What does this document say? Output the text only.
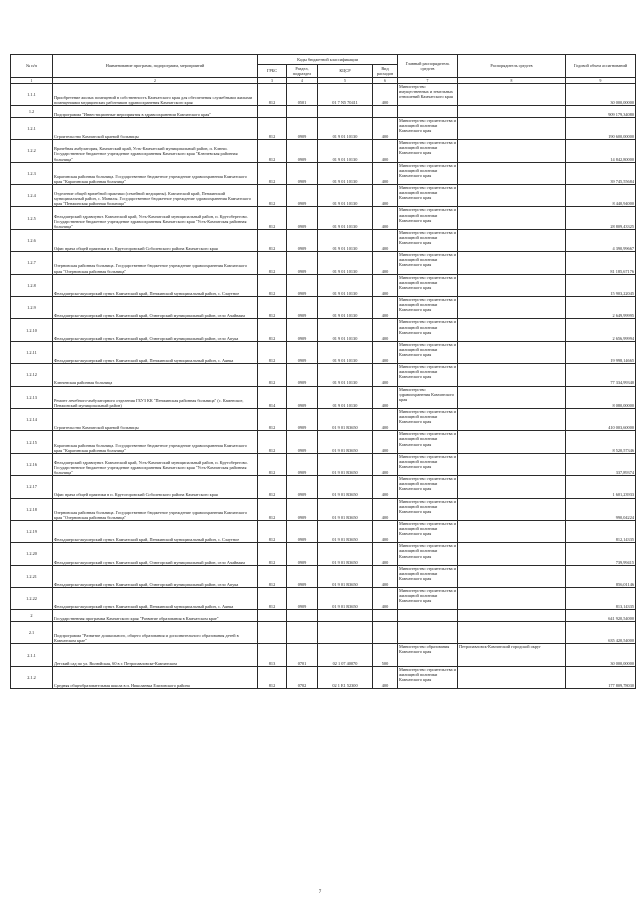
№ п/п	Наименование программ, подпрограмм, мероприятий	Коды бюджетной классификации				Главный распорядитель средств	Распорядитель средств	Годовой объем ассигнований
		ГРБС	Раздел, подраздел	КЦСР	Вид расходов			
1	2	3	4	5	6	7	8	9
1.1.1	Приобретение жилых помещений в собственность Камчатского края для обеспечения служебными жилыми помещениями медицинских работников здравоохранения Камчатского края	812	0501	01 7 N5 70411	400	Министерство имущественных и земельных отношений Камчатского края		30 000,00000
1.2	Подпрограмма "Инвестиционные мероприятия в здравоохранении Камчатского края"							909 179,34080
1.2.1	Строительство Камчатской краевой больницы	812	0909	01 9 01 10130	400	Министерство строительства и жилищной политики Камчатского края		190 600,00000
1.2.2	Врачебная амбулатория, Камчатский край, Усть-Камчатский муниципальный район, п. Ключи. Государственное бюджетное учреждение здравоохранения Камчатского края "Ключевская районная больница"	812	0909	01 9 01 10130	400	Министерство строительства и жилищной политики Камчатского края		14 842,80000
1.2.3	Карагинская районная больница. Государственное бюджетное учреждение здравоохранения Камчатского края "Карагинская районная больница"	812	0909	01 9 01 10130	400	Министерство строительства и жилищной политики Камчатского края		39 745,55684
1.2.4	Отделение общей врачебной практики (семейной медицины). Камчатский край, Пенжинский муниципальный район, с. Манилы. Государственное бюджетное учреждение здравоохранения Камчатского края "Пенжинская районная больница"	812	0909	01 9 01 10130	400	Министерство строительства и жилищной политики Камчатского края		8 440,94000
1.2.5	Фельдшерский здравпункт. Камчатский край, Усть-Камчатский муниципальный район, п. Крутоберегово. Государственное бюджетное учреждение здравоохранения Камчатского края "Усть-Камчатская районная больница"	812	0909	01 9 01 10130	400	Министерство строительства и жилищной политики Камчатского края		28 809,43325
1.2.6	Офис врача общей практики в п. Крутогоровский Соболевского района Камчатского края	812	0909	01 9 01 10130	400	Министерство строительства и жилищной политики Камчатского края		4 390,99667
1.2.7	Озерновская районная больница. Государственное бюджетное учреждение здравоохранения Камчатского края "Озерновская районная больница"	812	0909	01 9 01 10130	400	Министерство строительства и жилищной политики Камчатского края		81 185,67176
1.2.8	Фельдшерско-акушерский пункт. Камчатский край, Пенжинский муниципальный район, с. Слаутное	812	0909	01 9 01 10130	400	Министерство строительства и жилищной политики Камчатского края		15 903,22045
1.2.9	Фельдшерско-акушерский пункт. Камчатский край, Олюторский муниципальный район, село Ачайваям	812	0909	01 9 01 10130	400	Министерство строительства и жилищной политики Камчатского края		2 649,99995
1.2.10	Фельдшерско-акушерский пункт. Камчатский край, Олюторский муниципальный район, село Апука	812	0909	01 9 01 10130	400	Министерство строительства и жилищной политики Камчатского края		2 656,99994
1.2.11	Фельдшерско-акушерский пункт. Камчатский край, Пенжинский муниципальный район, с. Аянка	812	0909	01 9 01 10130	400	Министерство строительства и жилищной политики Камчатского края		19 998,14665
1.2.12	Ключевская районная больница	812	0909	01 9 01 10130	400	Министерство строительства и жилищной политики Камчатского края		77 334,99340
1.2.13	Ремонт лечебного-амбулаторного отделения ГБУЗ КК "Пенжинская районная больница" (с. Каменское, Пенжинский муниципальный район)	814	0909	01 9 01 10130	400	Министерство здравоохранения Камчатского края		8 080,00000
1.2.14	Строительство Камчатской краевой больницы	812	0909	01 9 01 R3650	400	Министерство строительства и жилищной политики Камчатского края		410 003,60000
1.2.15	Карагинская районная больница. Государственное бюджетное учреждение здравоохранения Камчатского края "Карагинская районная больница"	812	0909	01 9 01 R3650	400	Министерство строительства и жилищной политики Камчатского края		8 520,57346
1.2.16	Фельдшерский здравпункт. Камчатский край, Усть-Камчатский муниципальный район, п. Крутоберегово. Государственное бюджетное учреждение здравоохранения Камчатского края "Усть-Камчатская районная больница"	812	0909	01 9 01 R3650	400	Министерство строительства и жилищной политики Камчатского края		337,89374
1.2.17	Офис врача общей практики в п. Крутогоровский Соболевского района Камчатского края	812	0909	01 9 01 R3650	400	Министерство строительства и жилищной политики Камчатского края		1 601,23933
1.2.18	Озерновская районная больница. Государственное бюджетное учреждение здравоохранения Камчатского края "Озерновская районная больница"	812	0909	01 9 01 R3650	400	Министерство строительства и жилищной политики Камчатского края		990,04224
1.2.19	Фельдшерско-акушерский пункт. Камчатский край, Пенжинский муниципальный район, с. Слаутное	812	0909	01 9 01 R3650	400	Министерство строительства и жилищной политики Камчатского края		812,14335
1.2.20	Фельдшерско-акушерский пункт. Камчатский край, Олюторский муниципальный район, село Ачайваям	812	0909	01 9 01 R3650	400	Министерство строительства и жилищной политики Камчатского края		739,99415
1.2.21	Фельдшерско-акушерский пункт. Камчатский край, Олюторский муниципальный район, село Апука	812	0909	01 9 01 R3650	400	Министерство строительства и жилищной политики Камчатского края		856,01146
1.2.22	Фельдшерско-акушерский пункт. Камчатский край, Пенжинский муниципальный район, с. Аянка	812	0909	01 9 01 R3650	400	Министерство строительства и жилищной политики Камчатского края		813,14335
2	Государственная программа Камчатского края "Развитие образования в Камчатском крае"							641 920,54000
2.1	Подпрограмма "Развитие дошкольного, общего образования и дополнительного образования детей в Камчатском крае"							635 420,54000
2.1.1	Детский сад по ул. Вилюйская, 60 в г. Петропавловске-Камчатском	813	0701	02 1 07 40070	500	Министерство образования Камчатского края	Петропавловск-Камчатский городской округ	30 000,00000
2.1.2	Средняя общеобразовательная школа в п. Николаевка Елизовского района	812	0702	02 1 E1 52300	400	Министерство строительства и жилищной политики Камчатского края		177 809,78030
7
